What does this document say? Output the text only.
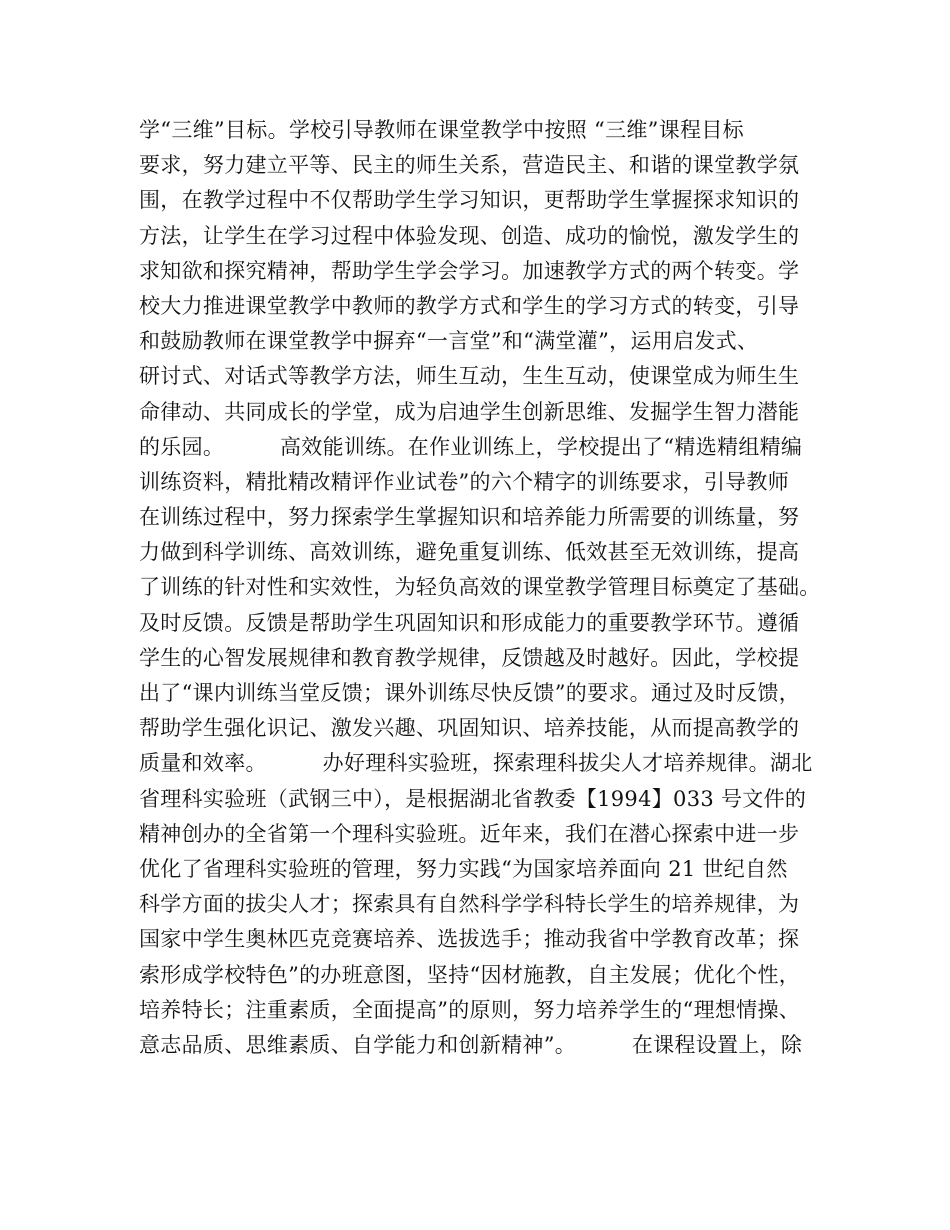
学“三维”目标。学校引导教师在课堂教学中按照 “三维”课程目标
要求，努力建立平等、民主的师生关系，营造民主、和谐的课堂教学氛
围，在教学过程中不仅帮助学生学习知识，更帮助学生掌握探求知识的
方法，让学生在学习过程中体验发现、创造、成功的愉悦，激发学生的
求知欲和探究精神，帮助学生学会学习。加速教学方式的两个转变。学
校大力推进课堂教学中教师的教学方式和学生的学习方式的转变，引导
和鼓励教师在课堂教学中摒弃“一言堂”和“满堂灌”，运用启发式、
研讨式、对话式等教学方法，师生互动，生生互动，使课堂成为师生生
命律动、共同成长的学堂，成为启迪学生创新思维、发掘学生智力潜能
的乐园。        高效能训练。在作业训练上，学校提出了“精选精组精编
训练资料，精批精改精评作业试卷”的六个精字的训练要求，引导教师
在训练过程中，努力探索学生掌握知识和培养能力所需要的训练量，努
力做到科学训练、高效训练，避免重复训练、低效甚至无效训练，提高
了训练的针对性和实效性，为轻负高效的课堂教学管理目标奠定了基础。
及时反馈。反馈是帮助学生巩固知识和形成能力的重要教学环节。遵循
学生的心智发展规律和教育教学规律，反馈越及时越好。因此，学校提
出了“课内训练当堂反馈；课外训练尽快反馈”的要求。通过及时反馈，
帮助学生强化识记、激发兴趣、巩固知识、培养技能，从而提高教学的
质量和效率。        办好理科实验班，探索理科拔尖人才培养规律。湖北
省理科实验班（武钢三中），是根据湖北省教委【1994】033 号文件的
精神创办的全省第一个理科实验班。近年来，我们在潜心探索中进一步
优化了省理科实验班的管理，努力实践“为国家培养面向 21 世纪自然
科学方面的拔尖人才；探索具有自然科学学科特长学生的培养规律，为
国家中学生奥林匹克竞赛培养、选拔选手；推动我省中学教育改革；探
索形成学校特色”的办班意图，坚持“因材施教，自主发展；优化个性，
培养特长；注重素质，全面提高”的原则，努力培养学生的“理想情操、
意志品质、思维素质、自学能力和创新精神”。        在课程设置上，除
